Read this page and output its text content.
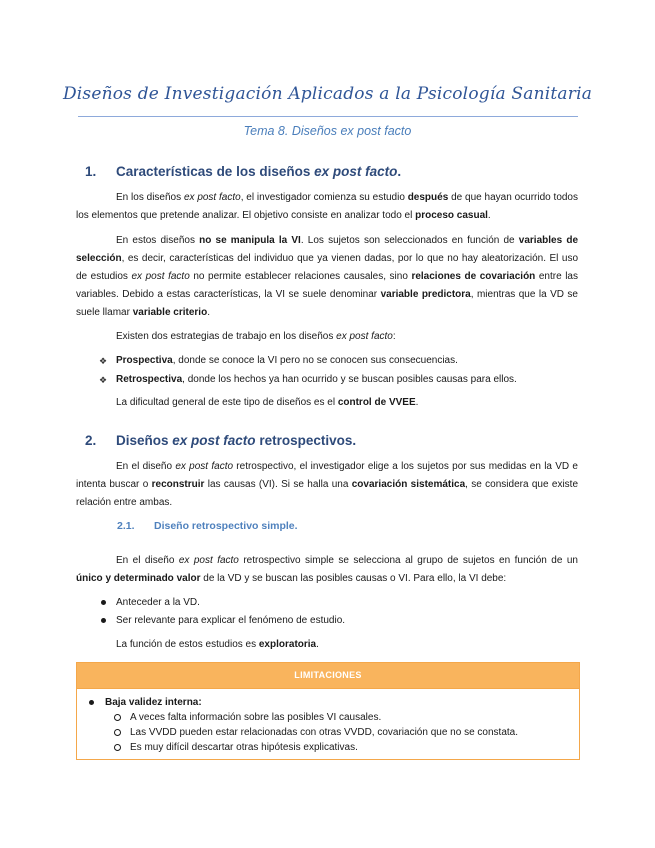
Diseños de Investigación Aplicados a la Psicología Sanitaria
Tema 8. Diseños ex post facto
1. Características de los diseños ex post facto.
En los diseños ex post facto, el investigador comienza su estudio después de que hayan ocurrido todos los elementos que pretende analizar. El objetivo consiste en analizar todo el proceso casual.
En estos diseños no se manipula la VI. Los sujetos son seleccionados en función de variables de selección, es decir, características del individuo que ya vienen dadas, por lo que no hay aleatorización. El uso de estudios ex post facto no permite establecer relaciones causales, sino relaciones de covariación entre las variables. Debido a estas características, la VI se suele denominar variable predictora, mientras que la VD se suele llamar variable criterio.
Existen dos estrategias de trabajo en los diseños ex post facto:
❖ Prospectiva, donde se conoce la VI pero no se conocen sus consecuencias.
❖ Retrospectiva, donde los hechos ya han ocurrido y se buscan posibles causas para ellos.
La dificultad general de este tipo de diseños es el control de VVEE.
2. Diseños ex post facto retrospectivos.
En el diseño ex post facto retrospectivo, el investigador elige a los sujetos por sus medidas en la VD e intenta buscar o reconstruir las causas (VI). Si se halla una covariación sistemática, se considera que existe relación entre ambas.
2.1. Diseño retrospectivo simple.
En el diseño ex post facto retrospectivo simple se selecciona al grupo de sujetos en función de un único y determinado valor de la VD y se buscan las posibles causas o VI. Para ello, la VI debe:
Anteceder a la VD.
Ser relevante para explicar el fenómeno de estudio.
La función de estos estudios es exploratoria.
LIMITACIONES
Baja validez interna:
A veces falta información sobre las posibles VI causales.
Las VVDD pueden estar relacionadas con otras VVDD, covariación que no se constata.
Es muy difícil descartar otras hipótesis explicativas.
